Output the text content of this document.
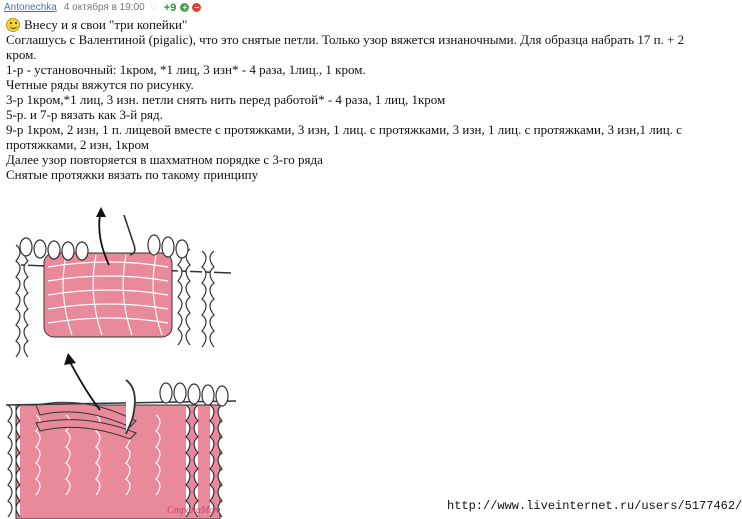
Antonechka 4 октября в 19:00 ♡ +9 + −

Внесу и я свои "три копейки"

Соглашусь с Валентиной (pigalic), что это снятые петли. Только узор вяжется изнаночными. Для образца набрать 17 п. + 2 кром.

1-р - установочный: 1кром, *1 лиц, 3 изн* - 4 раза, 1лиц., 1 кром.

Четные ряды вяжутся по рисунку.

3-р 1кром,*1 лиц, 3 изн. петли снять нить перед работой* - 4 раза, 1 лиц, 1кром

5-р. и 7-р вязать как 3-й ряд.

9-р 1кром, 2 изн, 1 п. лицевой вместе с протяжками, 3 изн, 1 лиц. с протяжками, 3 изн, 1 лиц. с протяжками, 3 изн,1 лиц. с протяжками, 2 изн, 1кром

Далее узор повторяется в шахматном порядке с 3-го ряда

Снятые протяжки вязать по такому принципу

СтранаМам	http://www.liveinternet.ru/users/5177462/
